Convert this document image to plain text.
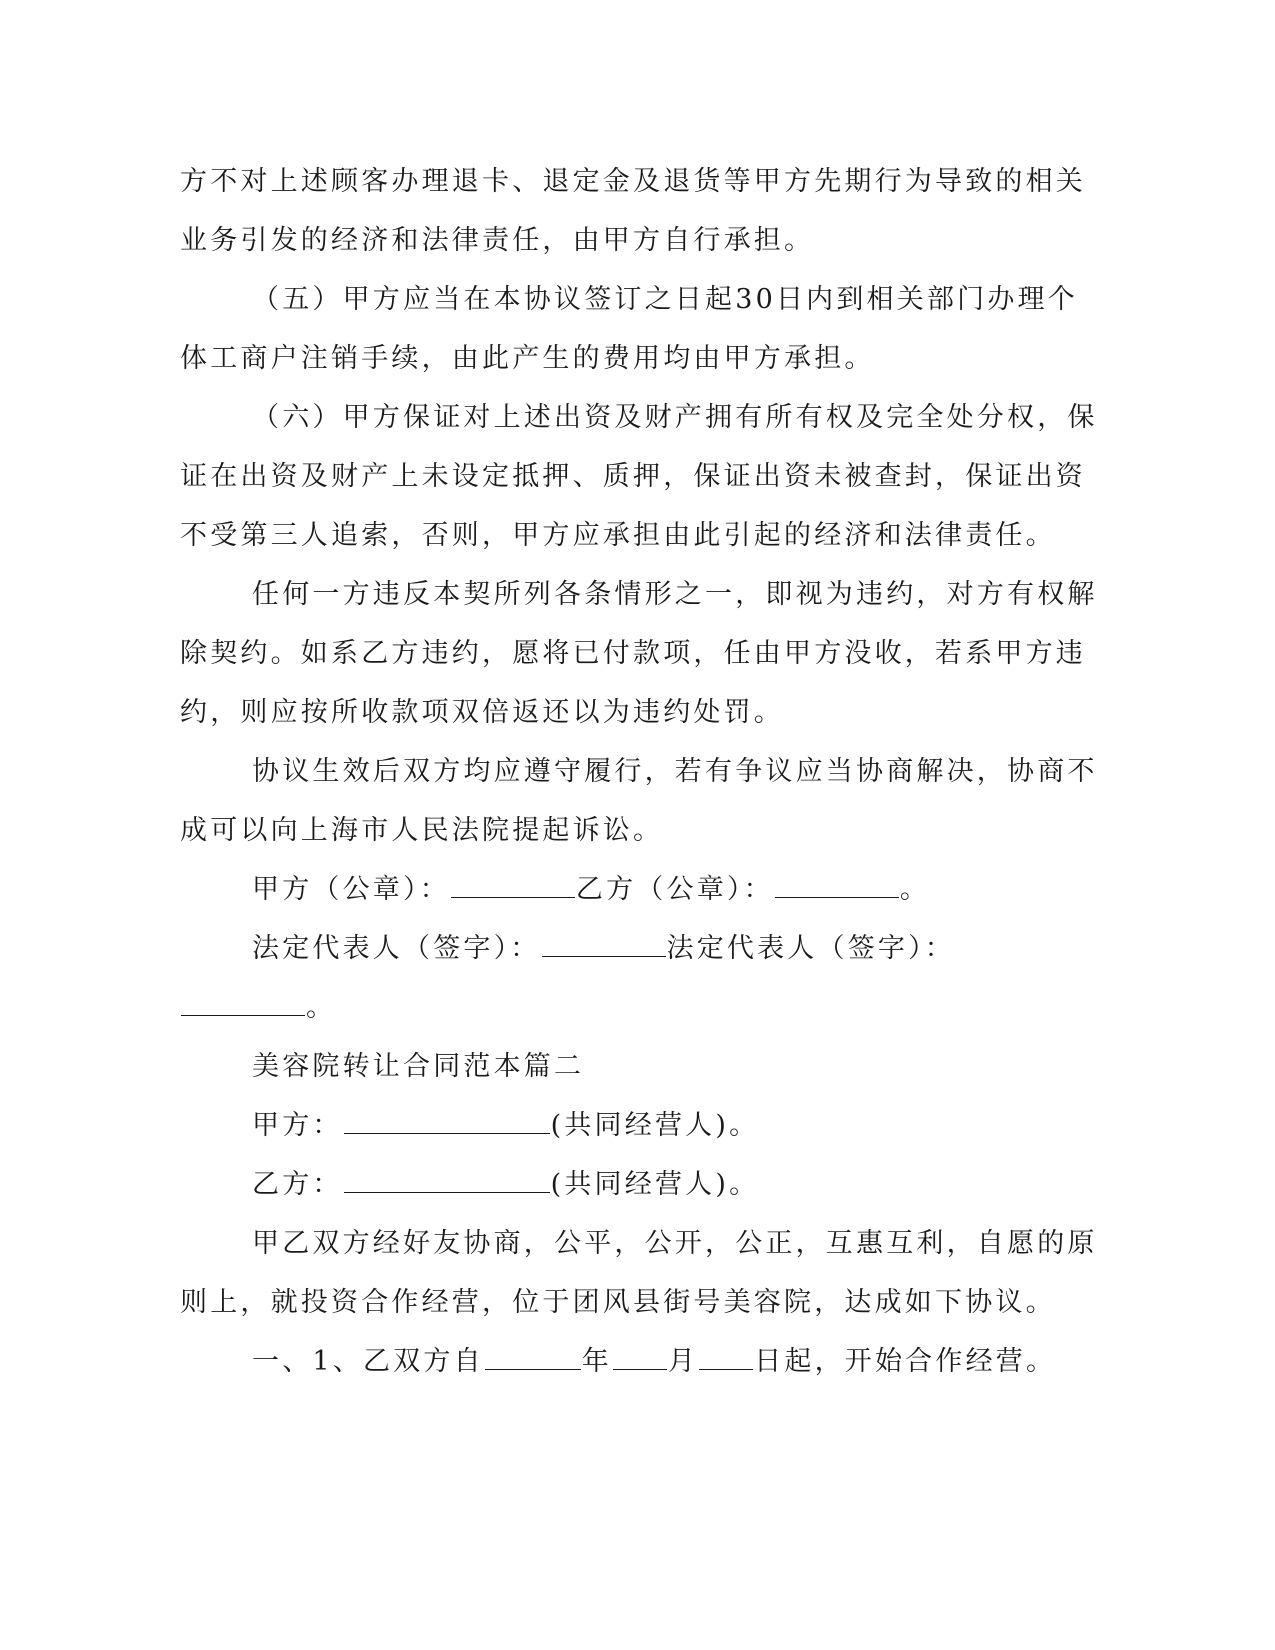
方不对上述顾客办理退卡、退定金及退货等甲方先期行为导致的相关
业务引发的经济和法律责任，由甲方自行承担。
（五）甲方应当在本协议签订之日起30日内到相关部门办理个
体工商户注销手续，由此产生的费用均由甲方承担。
（六）甲方保证对上述出资及财产拥有所有权及完全处分权，保
证在出资及财产上未设定抵押、质押，保证出资未被查封，保证出资
不受第三人追索，否则，甲方应承担由此引起的经济和法律责任。
任何一方违反本契所列各条情形之一，即视为违约，对方有权解
除契约。如系乙方违约，愿将已付款项，任由甲方没收，若系甲方违
约，则应按所收款项双倍返还以为违约处罚。
协议生效后双方均应遵守履行，若有争议应当协商解决，协商不
成可以向上海市人民法院提起诉讼。
甲方（公章）：	乙方（公章）：	。
法定代表人（签字）：	法定代表人（签字）：
。
美容院转让合同范本篇二
甲方：	(共同经营人)。
乙方：	(共同经营人)。
甲乙双方经好友协商，公平，公开，公正，互惠互利，自愿的原
则上，就投资合作经营，位于团风县街号美容院，达成如下协议。
一、1、乙双方自	年 月 日起，开始合作经营。
